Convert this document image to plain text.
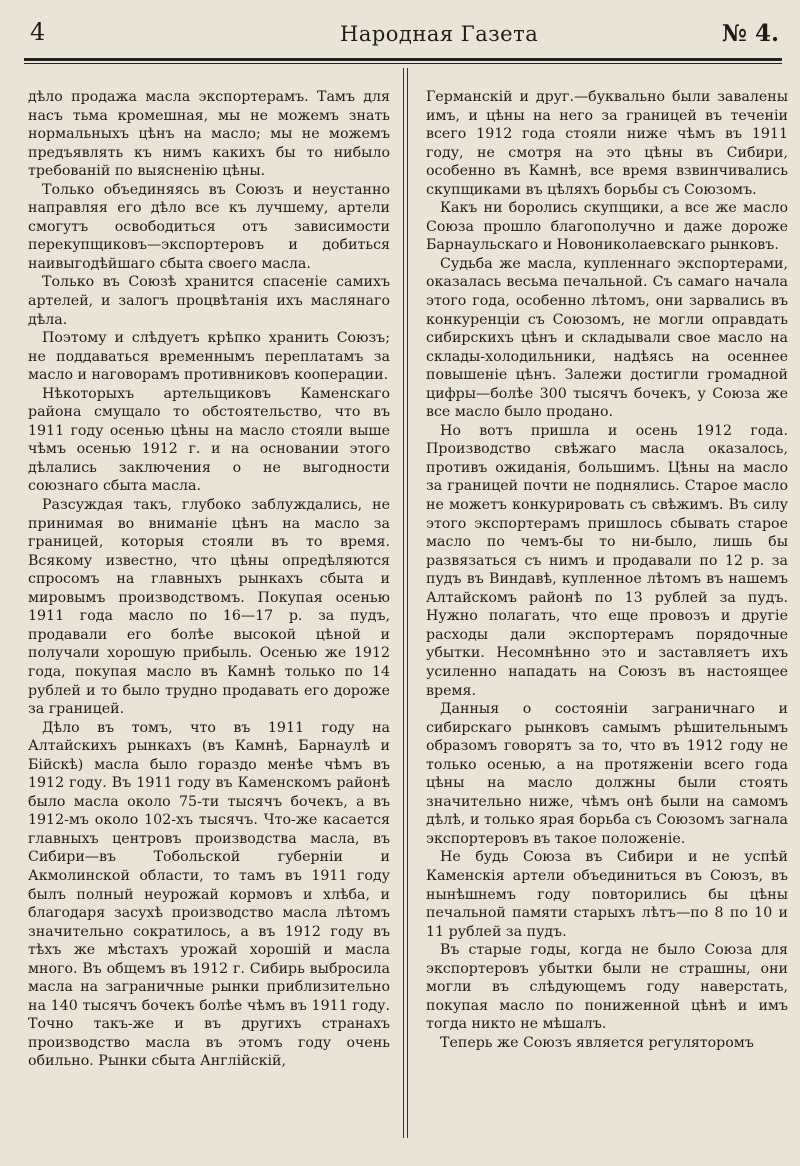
4	Народная Газета	№ 4.

дѣло продажа масла экспортерамъ. Тамъ для насъ тьма кромешная, мы не можемъ знать нормальныхъ цѣнъ на масло; мы не можемъ предъявлять къ нимъ какихъ бы то нибыло требованій по выясненію цѣны.

Только объединяясь въ Союзъ и неустанно направляя его дѣло все къ лучшему, артели смогутъ освободиться отъ зависимости перекупщиковъ—экспортеровъ и добиться наивыгодѣйшаго сбыта своего масла.

Только въ Союзѣ хранится спасеніе самихъ артелей, и залогъ процвѣтанія ихъ маслянаго дѣла.

Поэтому и слѣдуетъ крѣпко хранить Союзъ; не поддаваться временнымъ переплатамъ за масло и наговорамъ противниковъ кооперации.

Нѣкоторыхъ артельщиковъ Каменскаго района смущало то обстоятельство, что въ 1911 году осенью цѣны на масло стояли выше чѣмъ осенью 1912 г. и на основании этого дѣлались заключения о не выгодности союзнаго сбыта масла.

Разсуждая такъ, глубоко заблуждались, не принимая во вниманіе цѣнъ на масло за границей, которыя стояли въ то время. Всякому известно, что цѣны опредѣляются спросомъ на главныхъ рынкахъ сбыта и мировымъ производствомъ. Покупая осенью 1911 года масло по 16—17 р. за пудъ, продавали его болѣе высокой цѣной и получали хорошую прибыль. Осенью же 1912 года, покупая масло въ Камнѣ только по 14 рублей и то было трудно продавать его дороже за границей.

Дѣло въ томъ, что въ 1911 году на Алтайскихъ рынкахъ (въ Камнѣ, Барнаулѣ и Бійскѣ) масла было гораздо менѣе чѣмъ въ 1912 году. Въ 1911 году въ Каменскомъ районѣ было масла около 75-ти тысячъ бочекъ, а въ 1912-мъ около 102-хъ тысячъ. Что-же касается главныхъ центровъ производства масла, въ Сибири—въ Тобольской губерніи и Акмолинской области, то тамъ въ 1911 году былъ полный неурожай кормовъ и хлѣба, и благодаря засухѣ производство масла лѣтомъ значительно сократилось, а въ 1912 году въ тѣхъ же мѣстахъ урожай хорошій и масла много. Въ общемъ въ 1912 г. Сибирь выбросила масла на заграничные рынки приблизительно на 140 тысячъ бочекъ болѣе чѣмъ въ 1911 году. Точно такъ-же и въ другихъ странахъ производство масла въ этомъ году очень обильно. Рынки сбыта Англійскій,

Германскій и друг.—буквально были завалены имъ, и цѣны на него за границей въ теченіи всего 1912 года стояли ниже чѣмъ въ 1911 году, не смотря на это цѣны въ Сибири, особенно въ Камнѣ, все время взвинчивались скупщиками въ цѣляхъ борьбы съ Союзомъ.

Какъ ни боролись скупщики, а все же масло Союза прошло благополучно и даже дороже Барнаульскаго и Новониколаевскаго рынковъ.

Судьба же масла, купленнаго экспортерами, оказалась весьма печальной. Съ самаго начала этого года, особенно лѣтомъ, они зарвались въ конкуренціи съ Союзомъ, не могли оправдать сибирскихъ цѣнъ и складывали свое масло на склады-холодильники, надѣясь на осеннее повышеніе цѣнъ. Залежи достигли громадной цифры—болѣе 300 тысячъ бочекъ, у Союза же все масло было продано.

Но вотъ пришла и осень 1912 года. Производство свѣжаго масла оказалось, противъ ожиданія, большимъ. Цѣны на масло за границей почти не поднялись. Старое масло не можетъ конкурировать съ свѣжимъ. Въ силу этого экспортерамъ пришлось сбывать старое масло по чемъ-бы то ни-было, лишь бы развязаться съ нимъ и продавали по 12 р. за пудъ въ Виндавѣ, купленное лѣтомъ въ нашемъ Алтайскомъ районѣ по 13 рублей за пудъ. Нужно полагать, что еще провозъ и другіе расходы дали экспортерамъ порядочные убытки. Несомнѣнно это и заставляетъ ихъ усиленно нападать на Союзъ въ настоящее время.

Данныя о состояніи заграничнаго и сибирскаго рынковъ самымъ рѣшительнымъ образомъ говорятъ за то, что въ 1912 году не только осенью, а на протяженіи всего года цѣны на масло должны были стоять значительно ниже, чѣмъ онѣ были на самомъ дѣлѣ, и только ярая борьба съ Союзомъ загнала экспортеровъ въ такое положеніе.

Не будь Союза въ Сибири и не успѣй Каменскія артели объединиться въ Союзъ, въ нынѣшнемъ году повторились бы цѣны печальной памяти старыхъ лѣтъ—по 8 по 10 и 11 рублей за пудъ.

Въ старые годы, когда не было Союза для экспортеровъ убытки были не страшны, они могли въ слѣдующемъ году наверстать, покупая масло по пониженной цѣнѣ и имъ тогда никто не мѣшалъ.

Теперь же Союзъ является регуляторомъ
